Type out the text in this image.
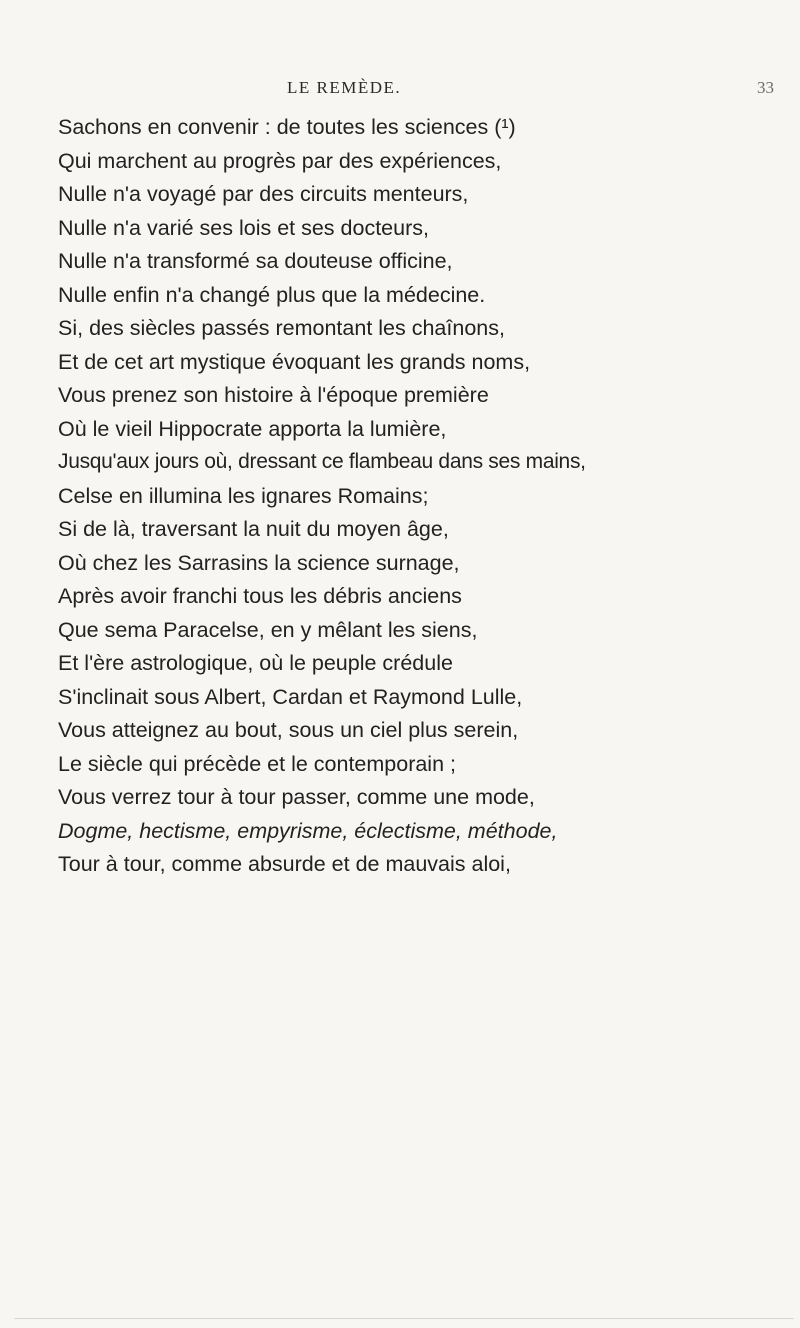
LE REMÈDE.	33
Sachons en convenir : de toutes les sciences (¹)
Qui marchent au progrès par des expériences,
Nulle n'a voyagé par des circuits menteurs,
Nulle n'a varié ses lois et ses docteurs,
Nulle n'a transformé sa douteuse officine,
Nulle enfin n'a changé plus que la médecine.
Si, des siècles passés remontant les chaînons,
Et de cet art mystique évoquant les grands noms,
Vous prenez son histoire à l'époque première
Où le vieil Hippocrate apporta la lumière,
Jusqu'aux jours où, dressant ce flambeau dans ses mains,
Celse en illumina les ignares Romains;
Si de là, traversant la nuit du moyen âge,
Où chez les Sarrasins la science surnage,
Après avoir franchi tous les débris anciens
Que sema Paracelse, en y mêlant les siens,
Et l'ère astrologique, où le peuple crédule
S'inclinait sous Albert, Cardan et Raymond Lulle,
Vous atteignez au bout, sous un ciel plus serein,
Le siècle qui précède et le contemporain ;
Vous verrez tour à tour passer, comme une mode,
Dogme, hectisme, empyrisme, éclectisme, méthode,
Tour à tour, comme absurde et de mauvais aloi,
